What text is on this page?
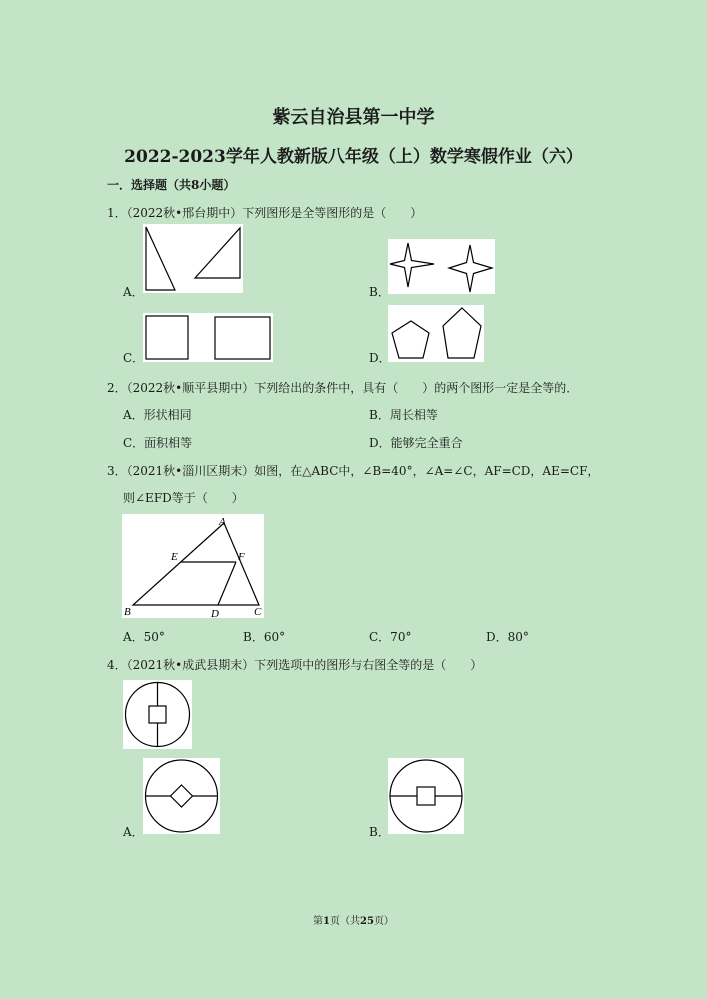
紫云自治县第一中学
2022-2023学年人教新版八年级（上）数学寒假作业（六）
一．选择题（共8小题）
1．（2022秋•邢台期中）下列图形是全等图形的是（　　）
A．	B．
C．	D．
2．（2022秋•顺平县期中）下列给出的条件中，具有（　　）的两个图形一定是全等的．
A．形状相同	B．周长相等
C．面积相等	D．能够完全重合
3．（2021秋•淄川区期末）如图，在△ABC中，∠B=40°，∠A=∠C，AF=CD，AE=CF，
则∠EFD等于（　　）
A
B	C
D
E	F
A．50°	B．60°	C．70°	D．80°
4．（2021秋•成武县期末）下列选项中的图形与右图全等的是（　　）
A．	B．
第1页（共25页）
